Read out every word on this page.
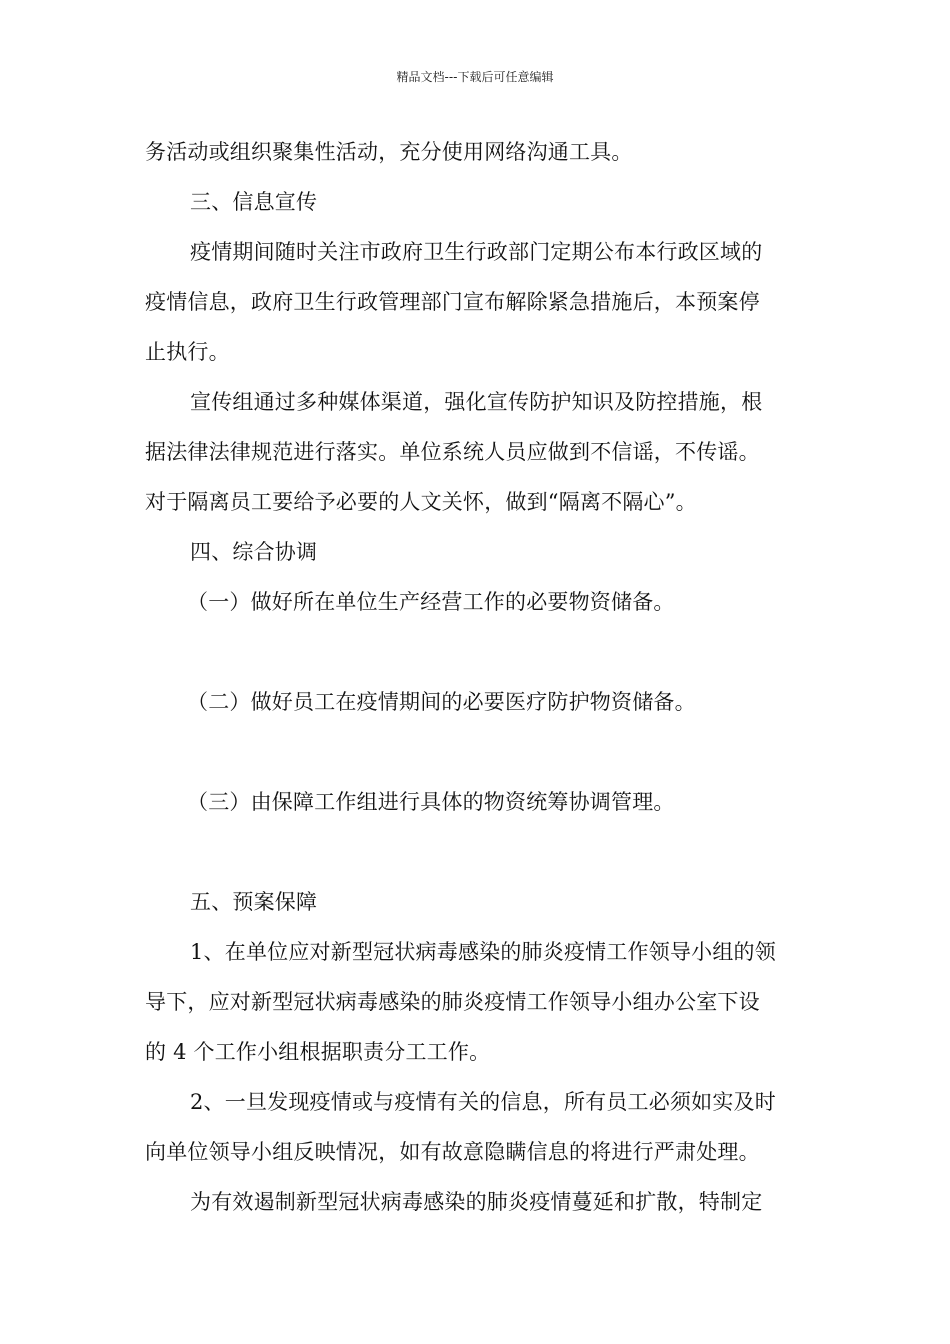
精品文档---下载后可任意编辑
务活动或组织聚集性活动，充分使用网络沟通工具。
三、信息宣传
疫情期间随时关注市政府卫生行政部门定期公布本行政区域的
疫情信息，政府卫生行政管理部门宣布解除紧急措施后，本预案停
止执行。
宣传组通过多种媒体渠道，强化宣传防护知识及防控措施，根
据法律法律规范进行落实。单位系统人员应做到不信谣，不传谣。
对于隔离员工要给予必要的人文关怀，做到“隔离不隔心”。
四、综合协调
（一）做好所在单位生产经营工作的必要物资储备。
（二）做好员工在疫情期间的必要医疗防护物资储备。
（三）由保障工作组进行具体的物资统筹协调管理。
五、预案保障
1、在单位应对新型冠状病毒感染的肺炎疫情工作领导小组的领
导下，应对新型冠状病毒感染的肺炎疫情工作领导小组办公室下设
的 4 个工作小组根据职责分工工作。
2、一旦发现疫情或与疫情有关的信息，所有员工必须如实及时
向单位领导小组反映情况，如有故意隐瞒信息的将进行严肃处理。
为有效遏制新型冠状病毒感染的肺炎疫情蔓延和扩散，特制定
